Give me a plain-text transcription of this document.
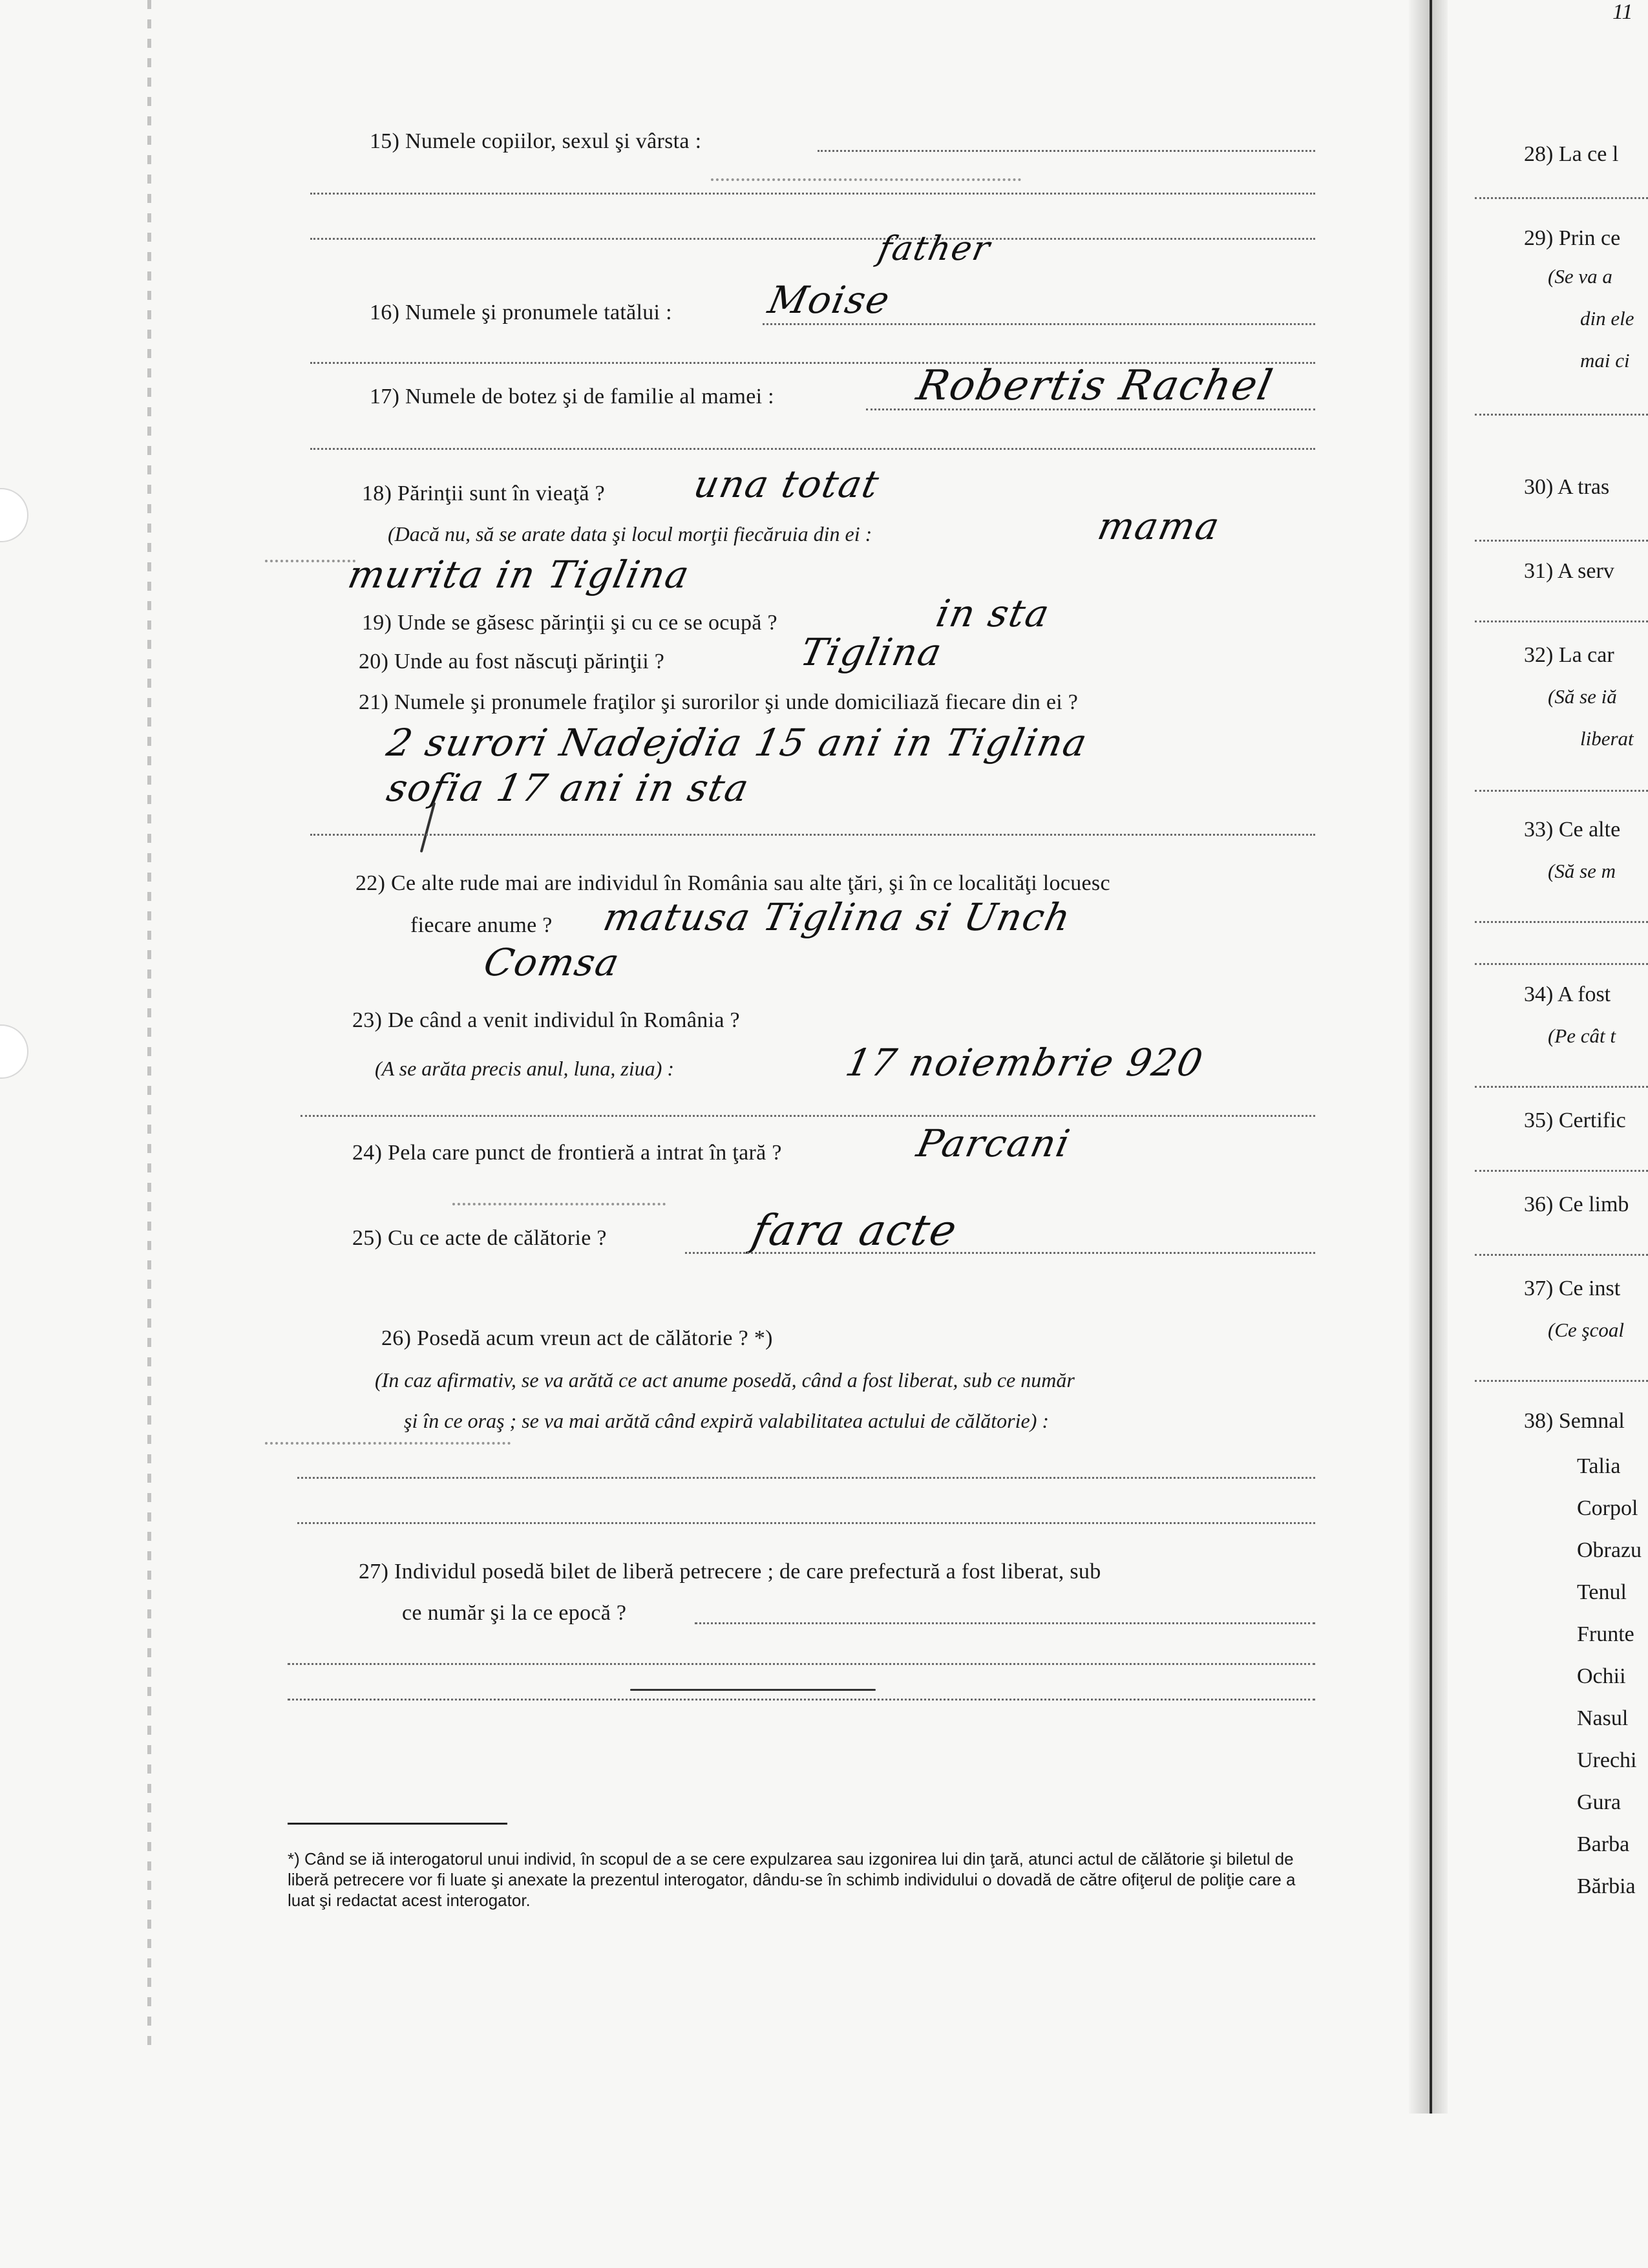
11
15) Numele copiilor, sexul şi vârsta :
father
16) Numele şi pronumele tatălui : Moise
17) Numele de botez şi de familie al mamei :	Robertis Rachel
18) Părinţii sunt în vieaţă ? una totat
(Dacă nu, să se arate data şi locul morţii fiecăruia din ei :	mama
murita in Tiglina
19) Unde se găsesc părinţii şi cu ce se ocupă ?	in sta
20) Unde au fost născuţi părinţii ?	Tiglina
21) Numele şi pronumele fraţilor şi surorilor şi unde domiciliază fiecare din ei ?
2 surori Nadejdia 15 ani in Tiglina
sofia 17 ani in sta
22) Ce alte rude mai are individul în România sau alte ţări, şi în ce localităţi locuesc
fiecare anume ? matusa Tiglina si Unch
Comsa
23) De când a venit individul în România ?
(A se arăta precis anul, luna, ziua) :	17 noiembrie 920
24) Pela care punct de frontieră a intrat în ţară ?	Parcani
25) Cu ce acte de călătorie ?	fara acte
26) Posedă acum vreun act de călătorie ? *)
(In caz afirmativ, se va arătă ce act anume posedă, când a fost liberat, sub ce număr
şi în ce oraş ; se va mai arătă când expiră valabilitatea actului de călătorie) :
27) Individul posedă bilet de liberă petrecere ; de care prefectură a fost liberat, sub
ce număr şi la ce epocă ?
*) Când se iă interogatorul unui individ, în scopul de a se cere expulzarea sau izgonirea lui din ţară, atunci actul de călătorie şi biletul de liberă petrecere vor fi luate şi anexate la prezentul interogator, dându-se în schimb individului o dovadă de către ofiţerul de poliţie care a luat şi redactat acest interogator.
28) La ce l
29) Prin ce
(Se va a
din ele
mai ci
30) A tras
31) A serv
32) La car
(Să se iă
liberat
33) Ce alte
(Să se m
34) A fost
(Pe cât t
35) Certific
36) Ce limb
37) Ce inst
(Ce şcoal
38) Semnal
Talia
Corpol
Obrazu
Tenul
Frunte
Ochii
Nasul
Urechi
Gura
Barba
Bărbia
